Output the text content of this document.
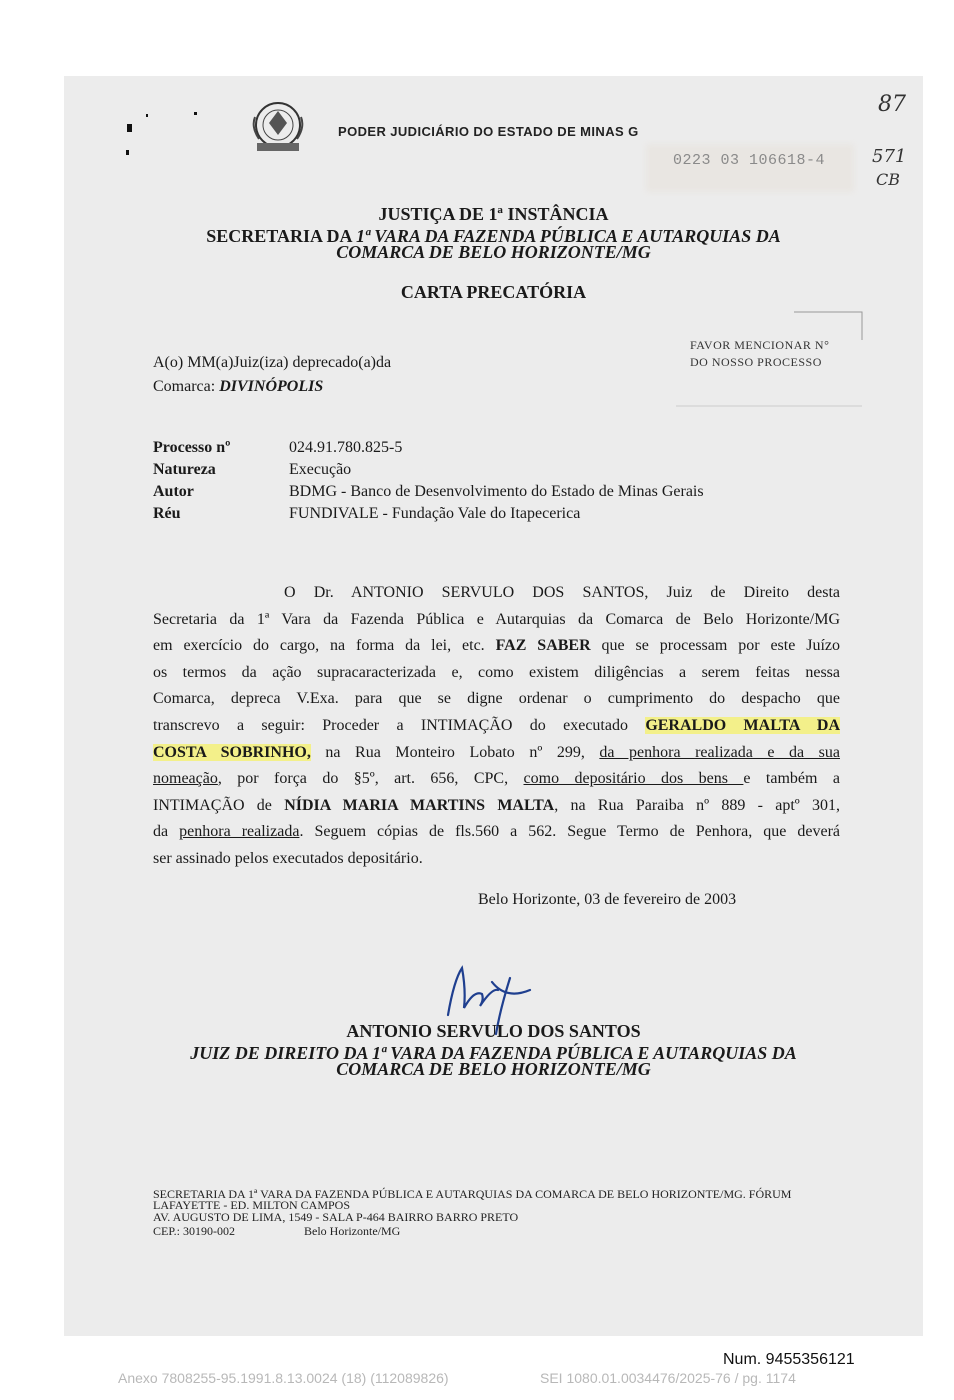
PODER JUDICIÁRIO DO ESTADO DE MINAS G
0223 03 106618-4
87
571
CB
JUSTIÇA DE 1ª INSTÂNCIA
SECRETARIA DA 1ª VARA DA FAZENDA PÚBLICA E AUTARQUIAS DA
COMARCA DE BELO HORIZONTE/MG
CARTA PRECATÓRIA
FAVOR MENCIONAR N°
DO NOSSO PROCESSO
A(o) MM(a)Juiz(iza) deprecado(a)da
Comarca: DIVINÓPOLIS
Processo nº	024.91.780.825-5
Natureza	Execução
Autor	BDMG - Banco de Desenvolvimento do Estado de Minas Gerais
Réu	FUNDIVALE - Fundação Vale do Itapecerica
O Dr. ANTONIO SERVULO DOS SANTOS, Juiz de Direito desta
Secretaria da 1ª Vara da Fazenda Pública e Autarquias da Comarca de Belo Horizonte/MG
em exercício do cargo, na forma da lei, etc. FAZ SABER que se processam por este Juízo
os termos da ação supracaracterizada e, como existem diligências a serem feitas nessa
Comarca, depreca V.Exa. para que se digne ordenar o cumprimento do despacho que
transcrevo a seguir: Proceder a INTIMAÇÃO do executado GERALDO MALTA DA
COSTA SOBRINHO, na Rua Monteiro Lobato nº 299, da penhora realizada e da sua
nomeação, por força do §5º, art. 656, CPC, como depositário dos bens e também a
INTIMAÇÃO de NÍDIA MARIA MARTINS MALTA, na Rua Paraiba nº 889 - aptº 301,
da penhora realizada. Seguem cópias de fls.560 a 562. Segue Termo de Penhora, que deverá
ser assinado pelos executados depositário.
Belo Horizonte, 03 de fevereiro de 2003
ANTONIO SERVULO DOS SANTOS
JUIZ DE DIREITO DA 1ª VARA DA FAZENDA PÚBLICA E AUTARQUIAS DA
COMARCA DE BELO HORIZONTE/MG
SECRETARIA DA 1ª VARA DA FAZENDA PÚBLICA E AUTARQUIAS DA COMARCA DE BELO HORIZONTE/MG. FÓRUM
LAFAYETTE - ED. MILTON CAMPOS
AV. AUGUSTO DE LIMA, 1549 - SALA P-464 BAIRRO BARRO PRETO
CEP.: 30190-002	Belo Horizonte/MG
Num. 9455356121
Anexo 7808255-95.1991.8.13.0024 (18) (112089826)	SEI 1080.01.0034476/2025-76 / pg. 1174
